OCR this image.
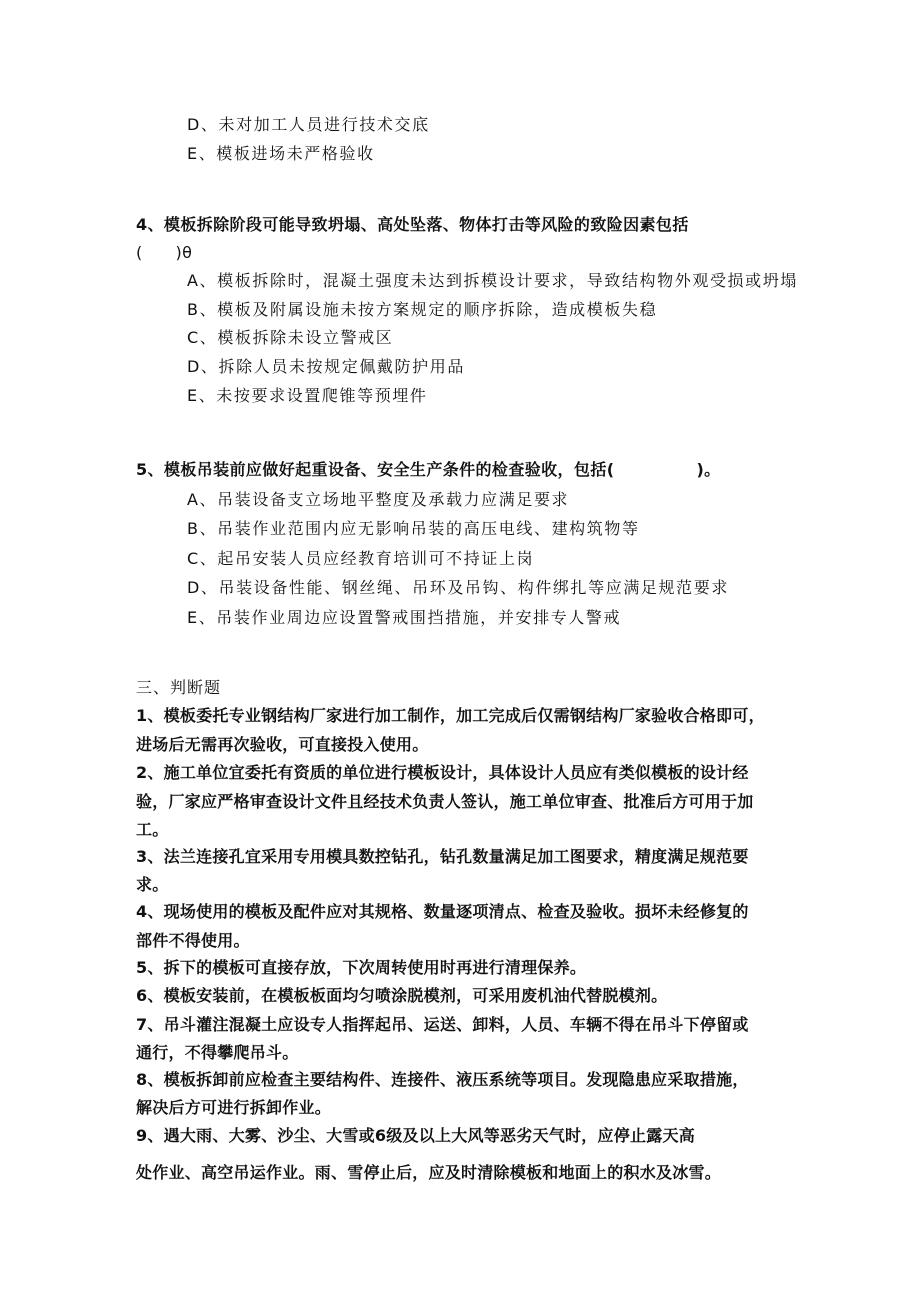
D、未对加工人员进行技术交底
E、模板进场未严格验收
4、模板拆除阶段可能导致坍塌、高处坠落、物体打击等风险的致险因素包括
(　　)θ
A、模板拆除时，混凝土强度未达到拆模设计要求，导致结构物外观受损或坍塌
B、模板及附属设施未按方案规定的顺序拆除，造成模板失稳
C、模板拆除未设立警戒区
D、拆除人员未按规定佩戴防护用品
E、未按要求设置爬锥等预埋件
5、模板吊装前应做好起重设备、安全生产条件的检查验收，包括(　　　　　)。
A、吊装设备支立场地平整度及承载力应满足要求
B、吊装作业范围内应无影响吊装的高压电线、建构筑物等
C、起吊安装人员应经教育培训可不持证上岗
D、吊装设备性能、钢丝绳、吊环及吊钩、构件绑扎等应满足规范要求
E、吊装作业周边应设置警戒围挡措施，并安排专人警戒
三、判断题
1、模板委托专业钢结构厂家进行加工制作，加工完成后仅需钢结构厂家验收合格即可，
进场后无需再次验收，可直接投入使用。
2、施工单位宜委托有资质的单位进行模板设计，具体设计人员应有类似模板的设计经
验，厂家应严格审查设计文件且经技术负责人签认，施工单位审查、批准后方可用于加
工。
3、法兰连接孔宜采用专用模具数控钻孔，钻孔数量满足加工图要求，精度满足规范要
求。
4、现场使用的模板及配件应对其规格、数量逐项清点、检查及验收。损坏未经修复的
部件不得使用。
5、拆下的模板可直接存放，下次周转使用时再进行清理保养。
6、模板安装前，在模板板面均匀喷涂脱模剂，可采用废机油代替脱模剂。
7、吊斗灌注混凝土应设专人指挥起吊、运送、卸料，人员、车辆不得在吊斗下停留或
通行，不得攀爬吊斗。
8、模板拆卸前应检查主要结构件、连接件、液压系统等项目。发现隐患应采取措施，
解决后方可进行拆卸作业。
9、遇大雨、大雾、沙尘、大雪或6级及以上大风等恶劣天气时，应停止露天高
处作业、高空吊运作业。雨、雪停止后，应及时清除模板和地面上的积水及冰雪。
